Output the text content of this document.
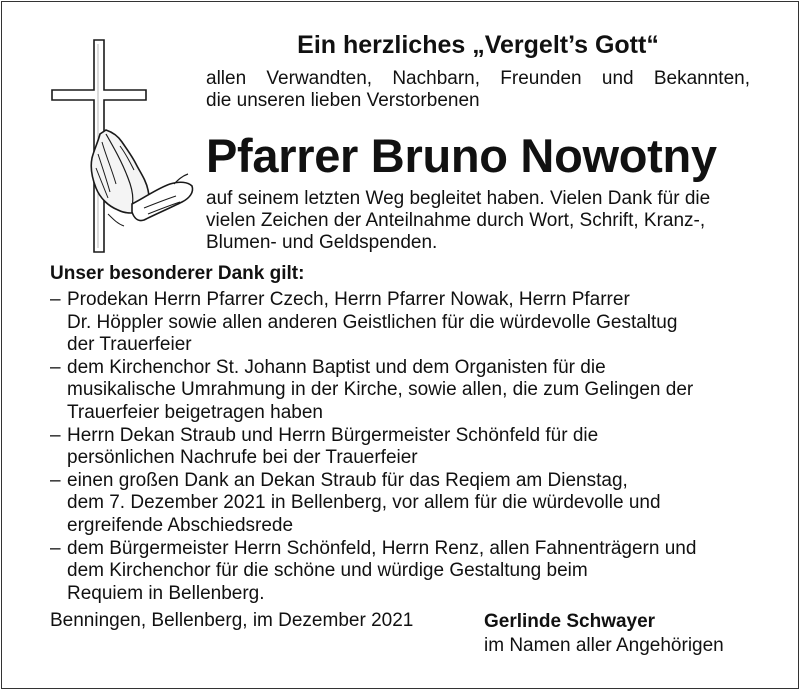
Ein herzliches „Vergelt’s Gott“
allen Verwandten, Nachbarn, Freunden und Bekannten,
die unseren lieben Verstorbenen
Pfarrer Bruno Nowotny
auf seinem letzten Weg begleitet haben. Vielen Dank für die
vielen Zeichen der Anteilnahme durch Wort, Schrift, Kranz-,
Blumen- und Geldspenden.
Unser besonderer Dank gilt:
– Prodekan Herrn Pfarrer Czech, Herrn Pfarrer Nowak, Herrn Pfarrer
Dr. Höppler sowie allen anderen Geistlichen für die würdevolle Gestaltug
der Trauerfeier
– dem Kirchenchor St. Johann Baptist und dem Organisten für die
musikalische Umrahmung in der Kirche, sowie allen, die zum Gelingen der
Trauerfeier beigetragen haben
– Herrn Dekan Straub und Herrn Bürgermeister Schönfeld für die
persönlichen Nachrufe bei der Trauerfeier
– einen großen Dank an Dekan Straub für das Reqiem am Dienstag,
dem 7. Dezember 2021 in Bellenberg, vor allem für die würdevolle und
ergreifende Abschiedsrede
– dem Bürgermeister Herrn Schönfeld, Herrn Renz, allen Fahnenträgern und
dem Kirchenchor für die schöne und würdige Gestaltung beim
Requiem in Bellenberg.
Benningen, Bellenberg, im Dezember 2021	Gerlinde Schwayer
im Namen aller Angehörigen
